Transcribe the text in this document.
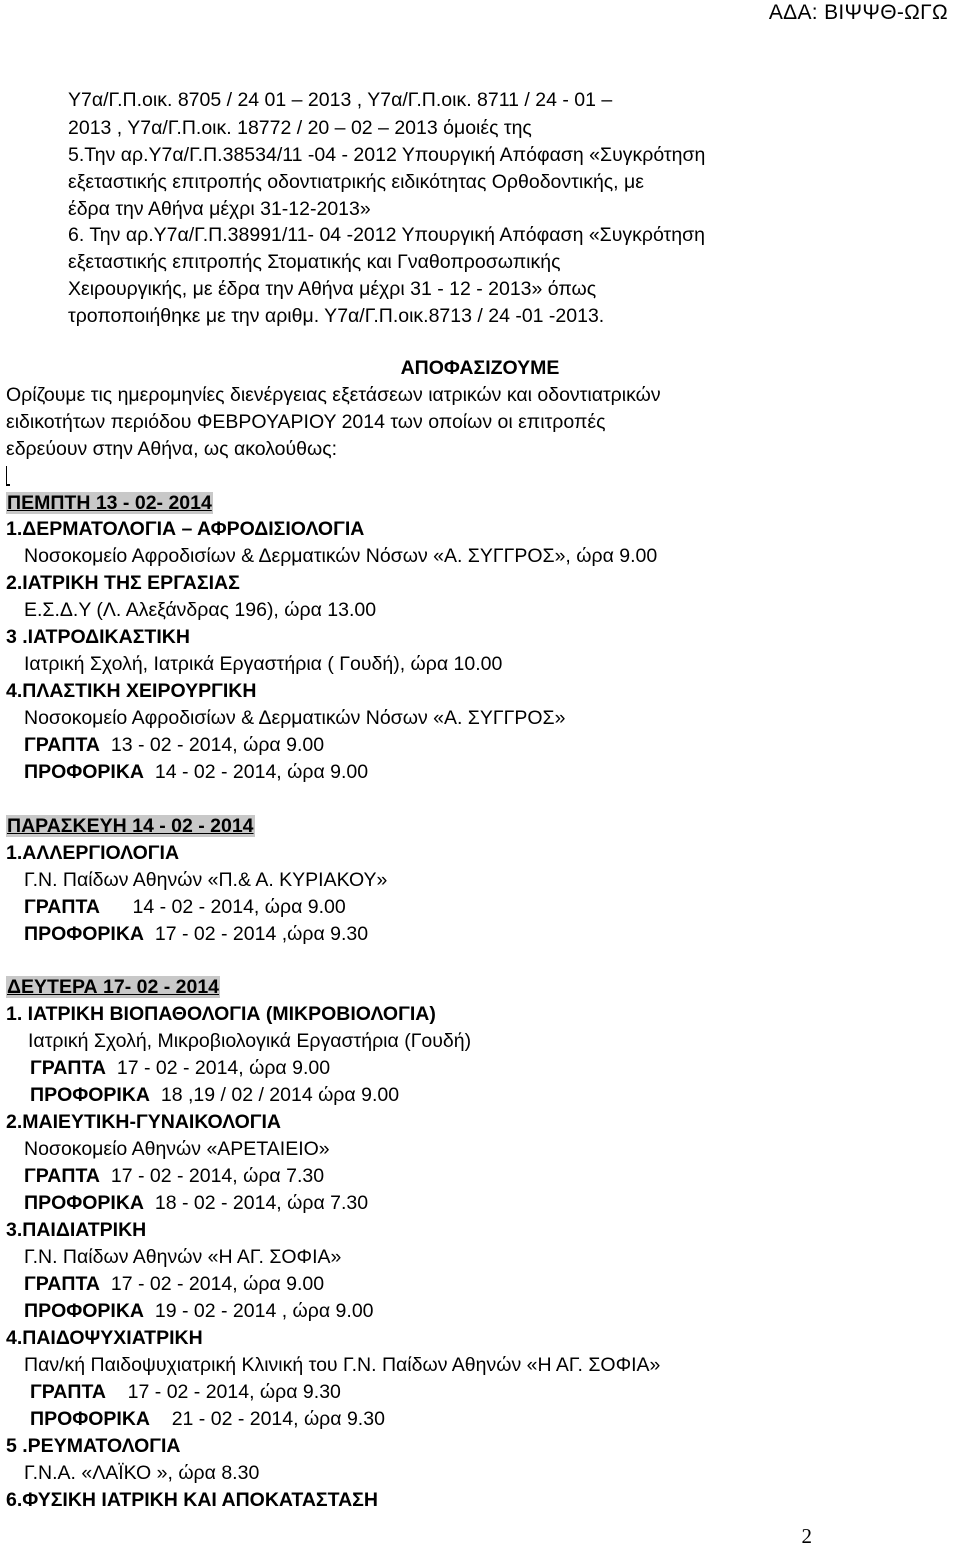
ΑΔΑ: ΒΙΨΨΘ-ΩΓΩ
Υ7α/Γ.Π.οικ. 8705 / 24 01 – 2013 , Υ7α/Γ.Π.οικ. 8711 / 24 - 01 –
2013 , Υ7α/Γ.Π.οικ. 18772 / 20 – 02 – 2013 όμοιές της
5.Την αρ.Υ7α/Γ.Π.38534/11 -04 - 2012 Υπουργική Απόφαση «Συγκρότηση
εξεταστικής επιτροπής οδοντιατρικής ειδικότητας Ορθοδοντικής, με
έδρα την Αθήνα μέχρι 31-12-2013»
6. Την αρ.Υ7α/Γ.Π.38991/11- 04 -2012 Υπουργική Απόφαση «Συγκρότηση
εξεταστικής επιτροπής Στοματικής και Γναθοπροσωπικής
Χειρουργικής, με έδρα την Αθήνα μέχρι 31 - 12 - 2013» όπως
τροποποιήθηκε με την αριθμ. Υ7α/Γ.Π.οικ.8713 / 24 -01 -2013.
ΑΠΟΦΑΣΙΖΟΥΜΕ
Ορίζουμε τις ημερομηνίες διενέργειας εξετάσεων ιατρικών και οδοντιατρικών
ειδικοτήτων περιόδου ΦΕΒΡΟΥΑΡΙΟΥ 2014 των οποίων οι επιτροπές
εδρεύουν στην Αθήνα, ως ακολούθως:
ΠΕΜΠΤΗ 13 - 02- 2014
1.ΔΕΡΜΑΤΟΛΟΓΙΑ – ΑΦΡΟΔΙΣΙΟΛΟΓΙΑ
Νοσοκομείο Αφροδισίων & Δερματικών Νόσων «Α. ΣΥΓΓΡΟΣ», ώρα 9.00
2.ΙΑΤΡΙΚΗ ΤΗΣ ΕΡΓΑΣΙΑΣ
Ε.Σ.Δ.Υ (Λ. Αλεξάνδρας 196), ώρα 13.00
3 .ΙΑΤΡΟΔΙΚΑΣΤΙΚΗ
Ιατρική Σχολή, Ιατρικά Εργαστήρια ( Γουδή), ώρα 10.00
4.ΠΛΑΣΤΙΚΗ ΧΕΙΡΟΥΡΓΙΚΗ
Νοσοκομείο Αφροδισίων & Δερματικών Νόσων «Α. ΣΥΓΓΡΟΣ»
ΓΡΑΠΤΑ 13 - 02 - 2014, ώρα 9.00
ΠΡΟΦΟΡΙΚΑ 14 - 02 - 2014, ώρα 9.00
ΠΑΡΑΣΚΕΥΗ 14 - 02 - 2014
1.ΑΛΛΕΡΓΙΟΛΟΓΙΑ
Γ.Ν. Παίδων Αθηνών «Π.& Α. ΚΥΡΙΑΚΟΥ»
ΓΡΑΠΤΑ 14 - 02 - 2014, ώρα 9.00
ΠΡΟΦΟΡΙΚΑ 17 - 02 - 2014 ,ώρα 9.30
ΔΕΥΤΕΡΑ 17- 02 - 2014
1. ΙΑΤΡΙΚΗ ΒΙΟΠΑΘΟΛΟΓΙΑ (ΜΙΚΡΟΒΙΟΛΟΓΙΑ)
Ιατρική Σχολή, Μικροβιολογικά Εργαστήρια (Γουδή)
ΓΡΑΠΤΑ 17 - 02 - 2014, ώρα 9.00
ΠΡΟΦΟΡΙΚΑ 18 ,19 / 02 / 2014 ώρα 9.00
2.ΜΑΙΕΥΤΙΚΗ-ΓΥΝΑΙΚΟΛΟΓΙΑ
Νοσοκομείο Αθηνών «ΑΡΕΤΑΙΕΙΟ»
ΓΡΑΠΤΑ 17 - 02 - 2014, ώρα 7.30
ΠΡΟΦΟΡΙΚΑ 18 - 02 - 2014, ώρα 7.30
3.ΠΑΙΔΙΑΤΡΙΚΗ
Γ.Ν. Παίδων Αθηνών «Η ΑΓ. ΣΟΦΙΑ»
ΓΡΑΠΤΑ 17 - 02 - 2014, ώρα 9.00
ΠΡΟΦΟΡΙΚΑ 19 - 02 - 2014 , ώρα 9.00
4.ΠΑΙΔΟΨΥΧΙΑΤΡΙΚΗ
Παν/κή Παιδοψυχιατρική Κλινική του Γ.Ν. Παίδων Αθηνών «Η ΑΓ. ΣΟΦΙΑ»
ΓΡΑΠΤΑ 17 - 02 - 2014, ώρα 9.30
ΠΡΟΦΟΡΙΚΑ 21 - 02 - 2014, ώρα 9.30
5 .ΡΕΥΜΑΤΟΛΟΓΙΑ
Γ.Ν.Α. «ΛΑΪΚΟ », ώρα 8.30
6.ΦΥΣΙΚΗ ΙΑΤΡΙΚΗ ΚΑΙ ΑΠΟΚΑΤΑΣΤΑΣΗ
2
